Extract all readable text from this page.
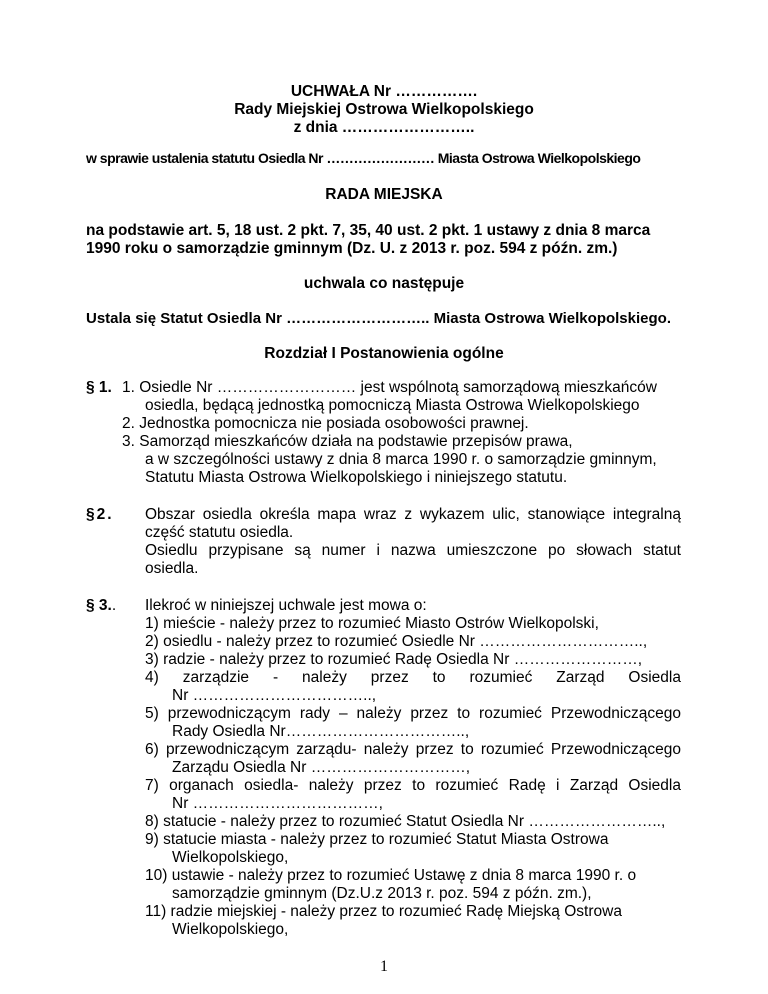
UCHWAŁA Nr …………….
Rady Miejskiej Ostrowa Wielkopolskiego
z dnia ……………………..
w sprawie ustalenia statutu Osiedla Nr …………………… Miasta Ostrowa Wielkopolskiego
RADA MIEJSKA
na podstawie art. 5, 18 ust. 2 pkt. 7, 35, 40 ust. 2 pkt. 1 ustawy z dnia 8 marca
1990 roku o samorządzie gminnym (Dz. U. z 2013 r. poz. 594 z późn. zm.)
uchwala co następuje
Ustala się Statut Osiedla Nr ……………………….. Miasta Ostrowa Wielkopolskiego.
Rozdział I Postanowienia ogólne
§ 1. 1. Osiedle Nr ……………………… jest wspólnotą samorządową mieszkańców
osiedla, będącą jednostką pomocniczą Miasta Ostrowa Wielkopolskiego
2. Jednostka pomocnicza nie posiada osobowości prawnej.
3. Samorząd mieszkańców działa na podstawie przepisów prawa,
a w szczególności ustawy z dnia 8 marca 1990 r. o samorządzie gminnym,
Statutu Miasta Ostrowa Wielkopolskiego i niniejszego statutu.
§2. Obszar osiedla określa mapa wraz z wykazem ulic, stanowiące integralną
część statutu osiedla.
Osiedlu przypisane są numer i nazwa umieszczone po słowach statut
osiedla.
§ 3.. Ilekroć w niniejszej uchwale jest mowa o:
1) mieście - należy przez to rozumieć Miasto Ostrów Wielkopolski,
2) osiedlu - należy przez to rozumieć Osiedle Nr …………………………..,
3) radzie - należy przez to rozumieć Radę Osiedla Nr ……………………,
4) zarządzie - należy przez to rozumieć Zarząd Osiedla
Nr ……………………………..,
5) przewodniczącym rady – należy przez to rozumieć Przewodniczącego
Rady Osiedla Nr……………………………..,
6) przewodniczącym zarządu- należy przez to rozumieć Przewodniczącego
Zarządu Osiedla Nr …………………………,
7) organach osiedla- należy przez to rozumieć Radę i Zarząd Osiedla
Nr ………………………………,
8) statucie - należy przez to rozumieć Statut Osiedla Nr ……………………..,
9) statucie miasta - należy przez to rozumieć Statut Miasta Ostrowa
Wielkopolskiego,
10) ustawie - należy przez to rozumieć Ustawę z dnia 8 marca 1990 r. o
samorządzie gminnym (Dz.U.z 2013 r. poz. 594 z późn. zm.),
11) radzie miejskiej - należy przez to rozumieć Radę Miejską Ostrowa
Wielkopolskiego,
1
